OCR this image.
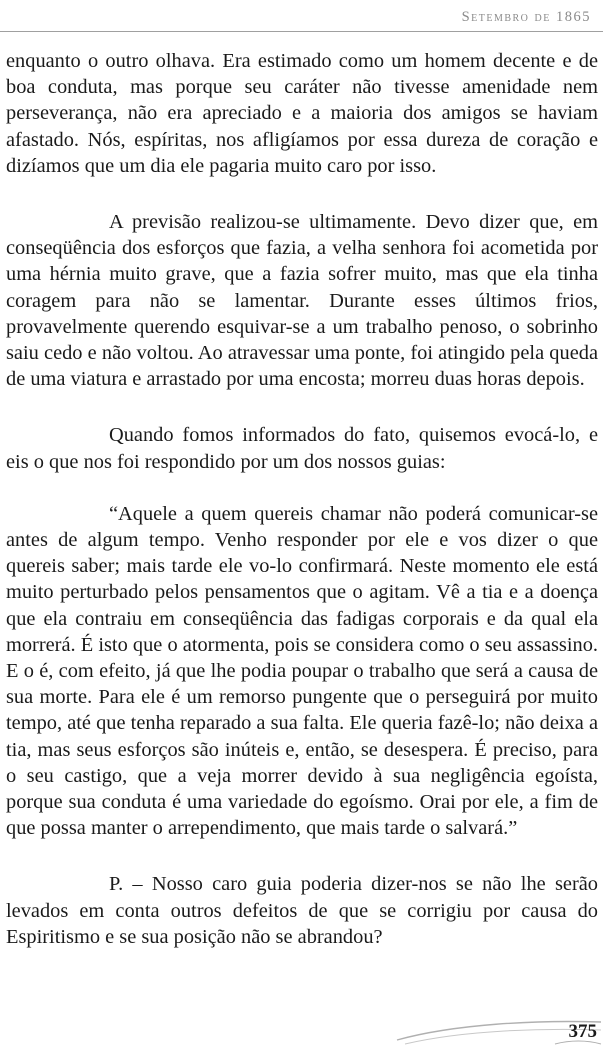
Setembro de 1865

enquanto o outro olhava. Era estimado como um homem decente e de boa conduta, mas porque seu caráter não tivesse amenidade nem perseverança, não era apreciado e a maioria dos amigos se haviam afastado. Nós, espíritas, nos afligíamos por essa dureza de coração e dizíamos que um dia ele pagaria muito caro por isso.

A previsão realizou-se ultimamente. Devo dizer que, em conseqüência dos esforços que fazia, a velha senhora foi acometida por uma hérnia muito grave, que a fazia sofrer muito, mas que ela tinha coragem para não se lamentar. Durante esses últimos frios, provavelmente querendo esquivar-se a um trabalho penoso, o sobrinho saiu cedo e não voltou. Ao atravessar uma ponte, foi atingido pela queda de uma viatura e arrastado por uma encosta; morreu duas horas depois.

Quando fomos informados do fato, quisemos evocá-lo, e eis o que nos foi respondido por um dos nossos guias:

“Aquele a quem quereis chamar não poderá comunicar-se antes de algum tempo. Venho responder por ele e vos dizer o que quereis saber; mais tarde ele vo-lo confirmará. Neste momento ele está muito perturbado pelos pensamentos que o agitam. Vê a tia e a doença que ela contraiu em conseqüência das fadigas corporais e da qual ela morrerá. É isto que o atormenta, pois se considera como o seu assassino. E o é, com efeito, já que lhe podia poupar o trabalho que será a causa de sua morte. Para ele é um remorso pungente que o perseguirá por muito tempo, até que tenha reparado a sua falta. Ele queria fazê-lo; não deixa a tia, mas seus esforços são inúteis e, então, se desespera. É preciso, para o seu castigo, que a veja morrer devido à sua negligência egoísta, porque sua conduta é uma variedade do egoísmo. Orai por ele, a fim de que possa manter o arrependimento, que mais tarde o salvará.”

P. – Nosso caro guia poderia dizer-nos se não lhe serão levados em conta outros defeitos de que se corrigiu por causa do Espiritismo e se sua posição não se abrandou?

375
